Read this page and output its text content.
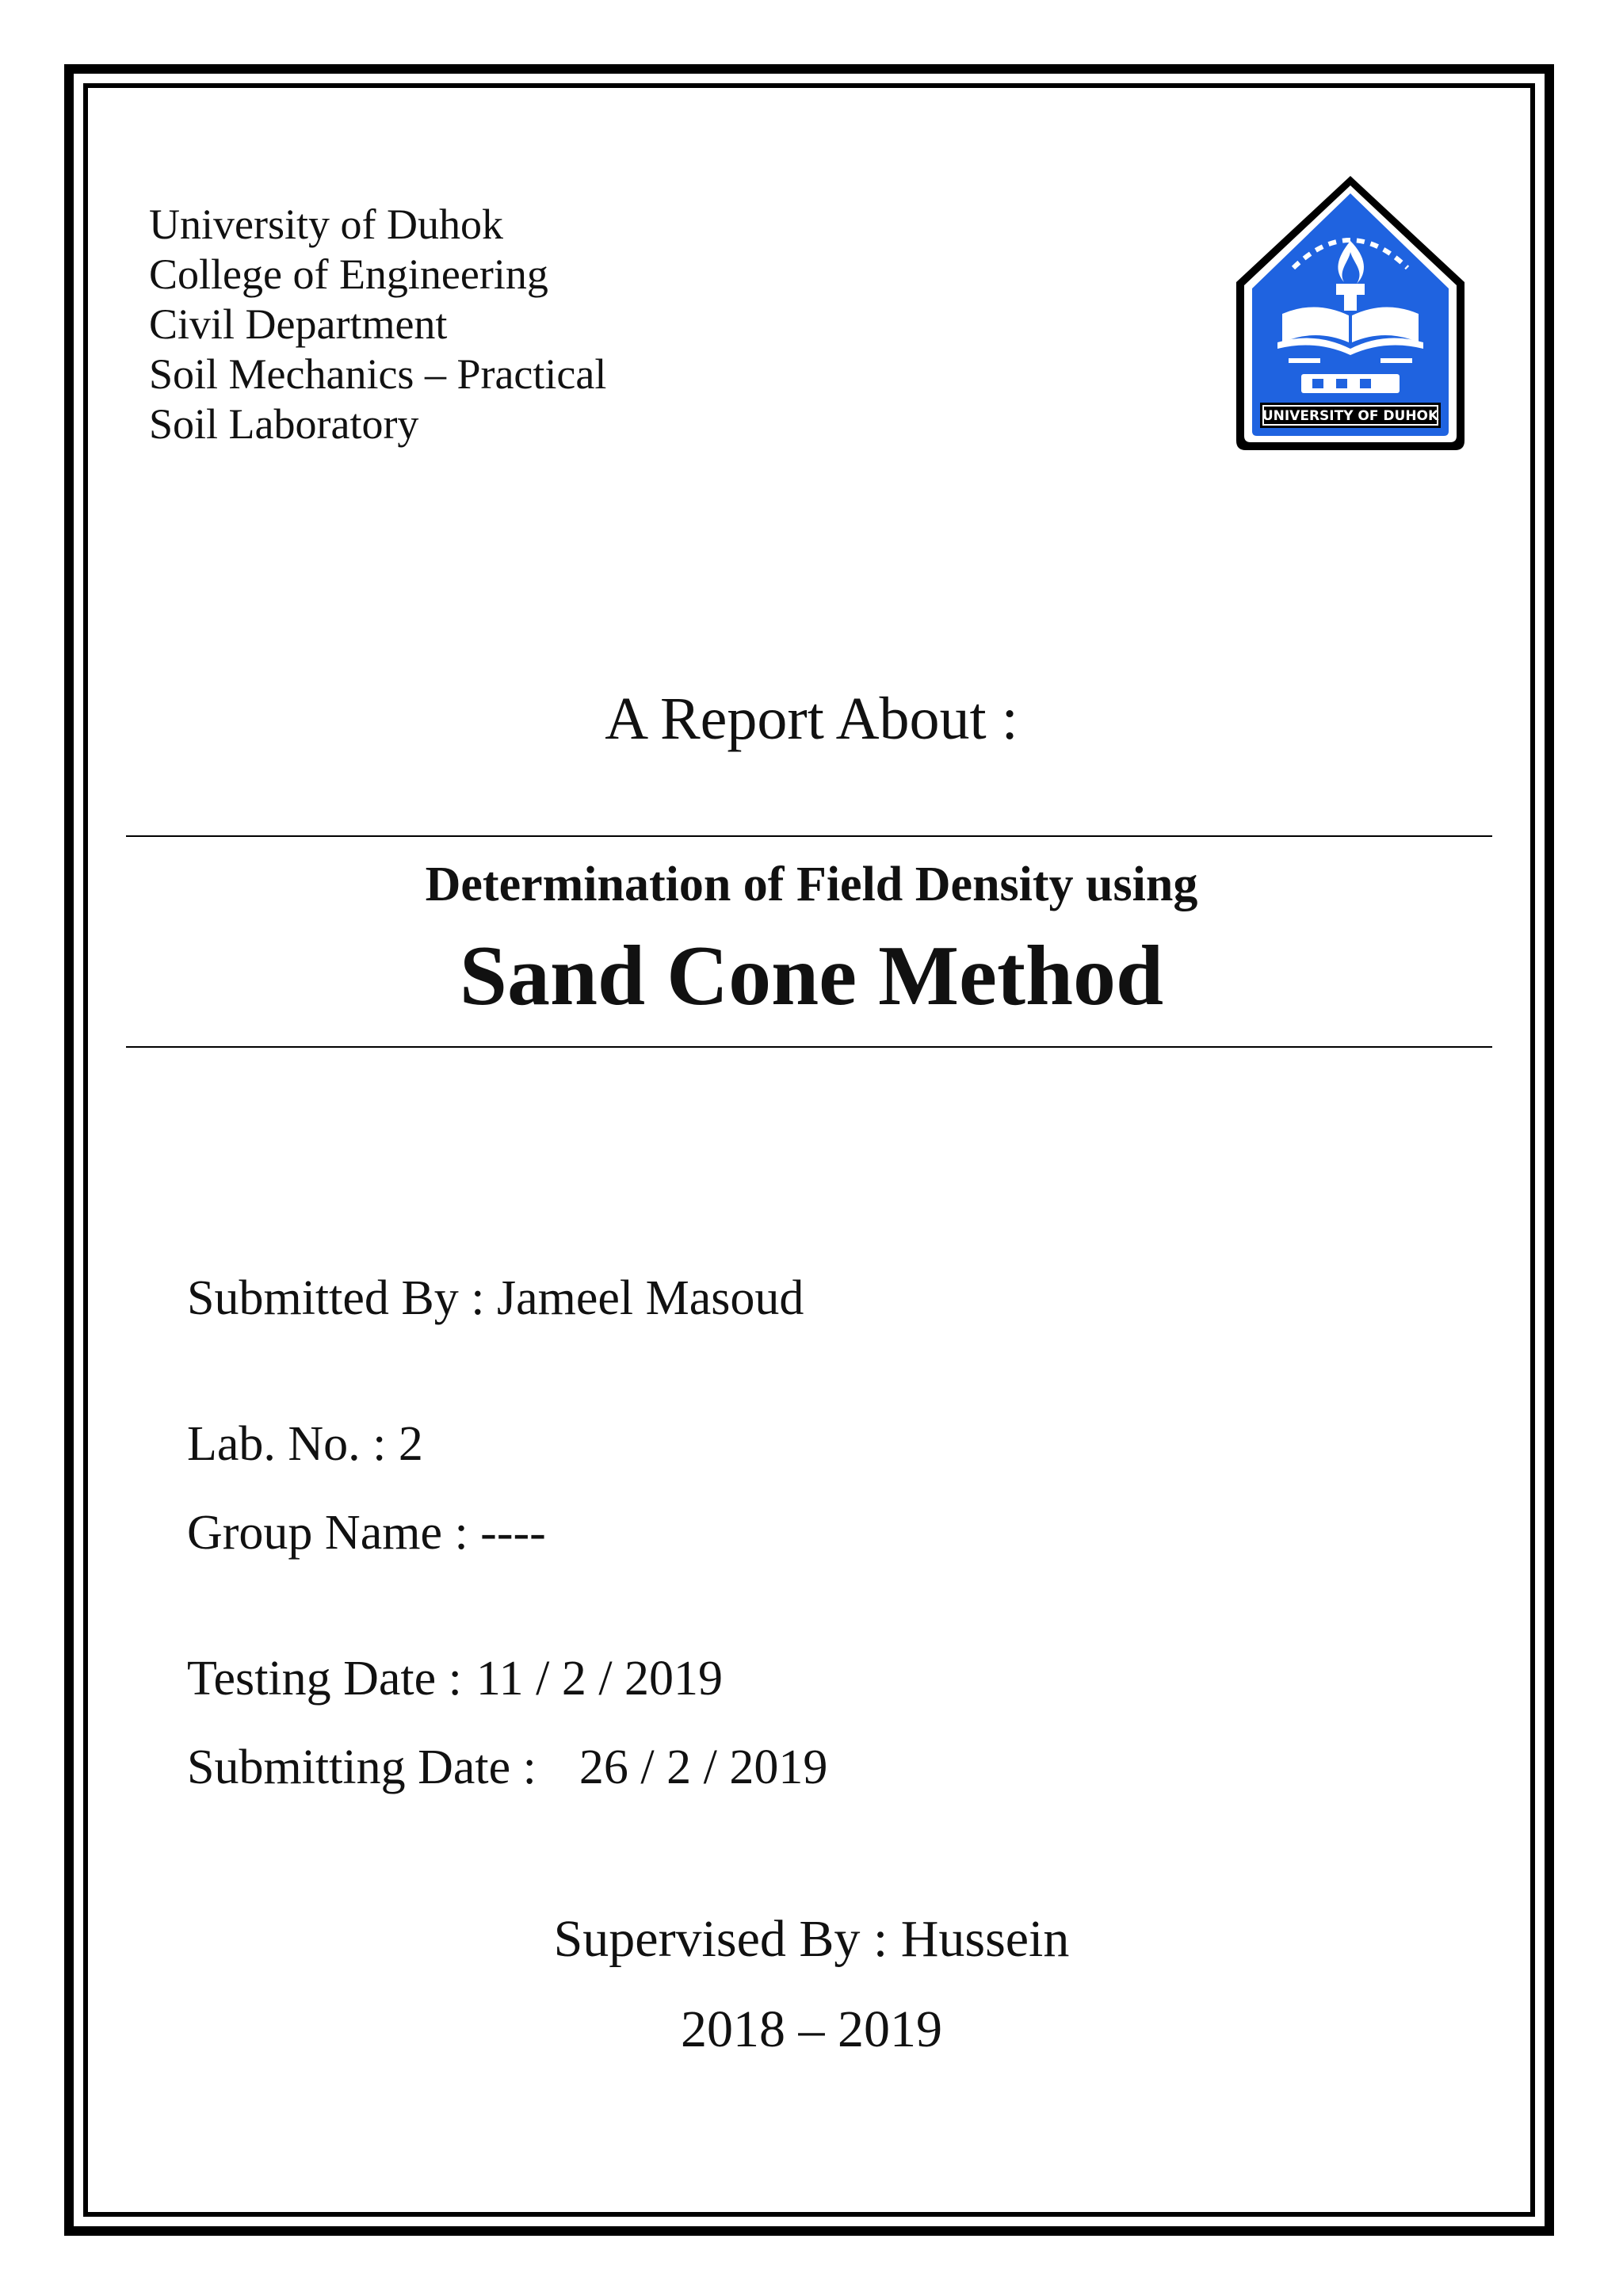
University of Duhok
College of Engineering
Civil Department
Soil Mechanics – Practical
Soil Laboratory	UNIVERSITY OF DUHOK
A Report About :
Determination of Field Density using
Sand Cone Method
Submitted By : Jameel Masoud
Lab. No. : 2
Group Name : ----
Testing Date : 11 / 2 / 2019
Submitting Date : 26 / 2 / 2019
Supervised By : Hussein
2018 – 2019
